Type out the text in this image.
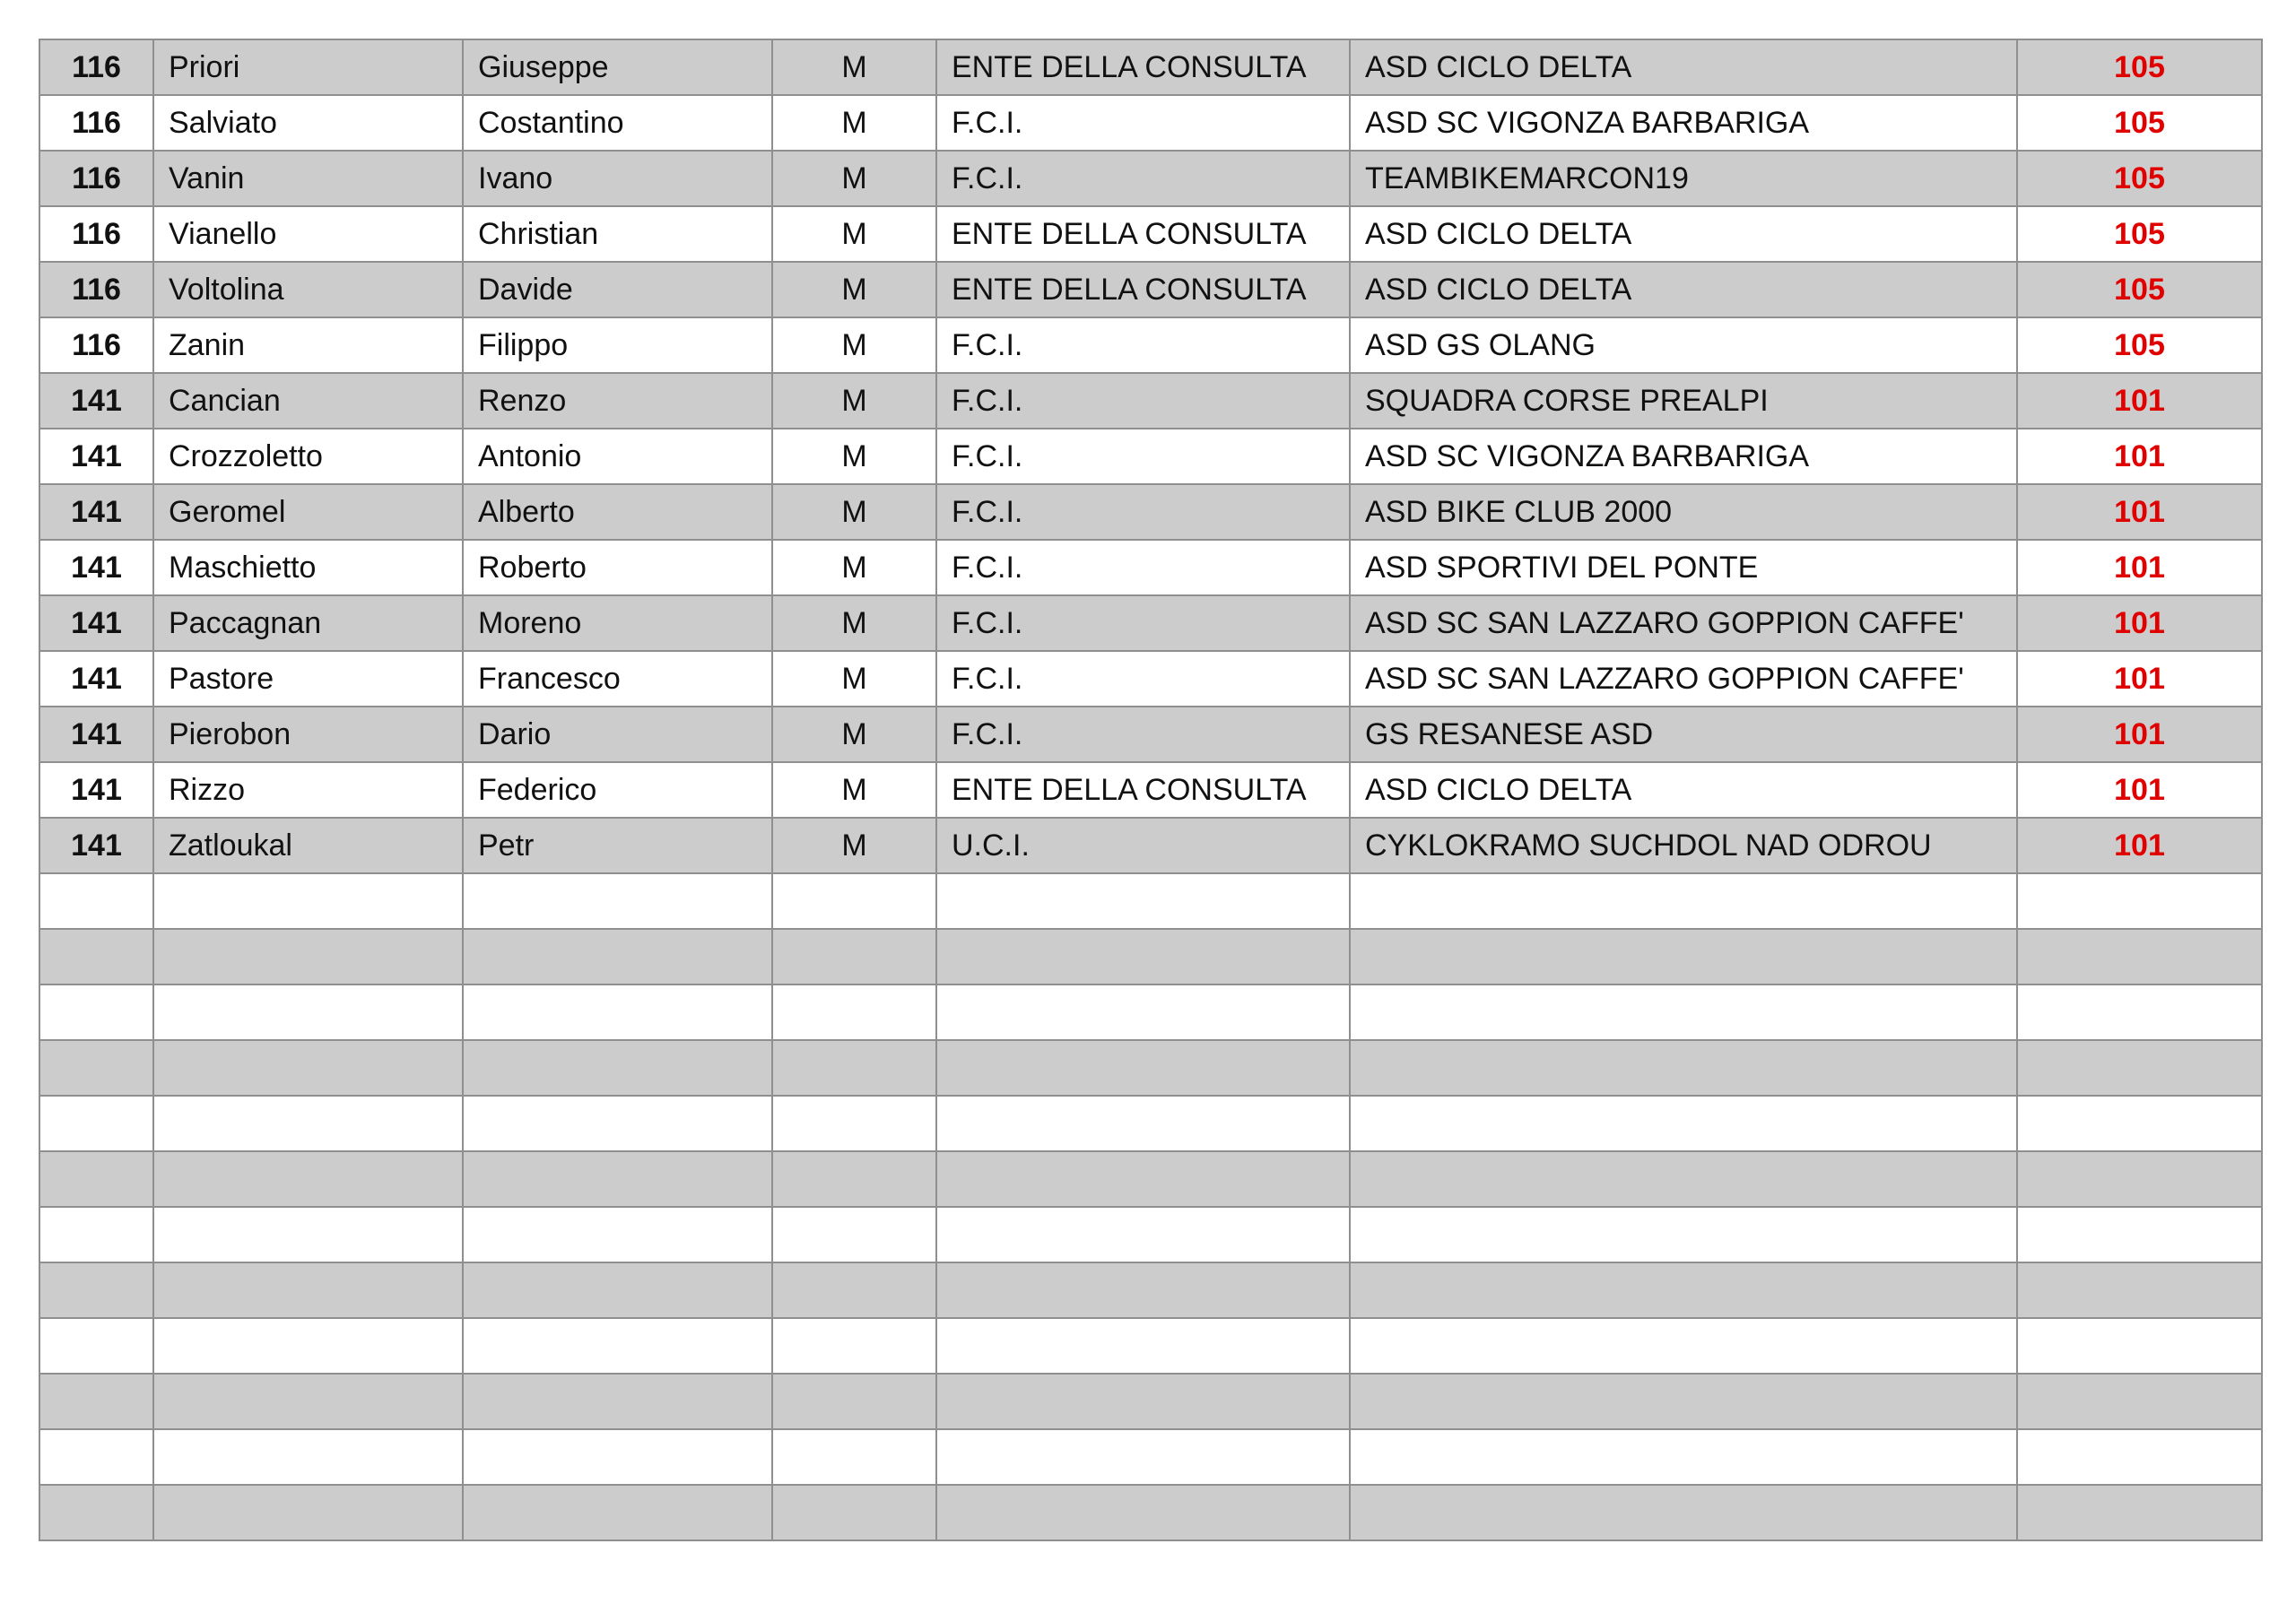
116	Priori	Giuseppe	M	ENTE DELLA CONSULTA	ASD CICLO DELTA	105
116	Salviato	Costantino	M	F.C.I.	ASD SC VIGONZA BARBARIGA	105
116	Vanin	Ivano	M	F.C.I.	TEAMBIKEMARCON19	105
116	Vianello	Christian	M	ENTE DELLA CONSULTA	ASD CICLO DELTA	105
116	Voltolina	Davide	M	ENTE DELLA CONSULTA	ASD CICLO DELTA	105
116	Zanin	Filippo	M	F.C.I.	ASD GS OLANG	105
141	Cancian	Renzo	M	F.C.I.	SQUADRA CORSE PREALPI	101
141	Crozzoletto	Antonio	M	F.C.I.	ASD SC VIGONZA BARBARIGA	101
141	Geromel	Alberto	M	F.C.I.	ASD BIKE CLUB 2000	101
141	Maschietto	Roberto	M	F.C.I.	ASD SPORTIVI DEL PONTE	101
141	Paccagnan	Moreno	M	F.C.I.	ASD SC SAN LAZZARO GOPPION CAFFE'	101
141	Pastore	Francesco	M	F.C.I.	ASD SC SAN LAZZARO GOPPION CAFFE'	101
141	Pierobon	Dario	M	F.C.I.	GS RESANESE ASD	101
141	Rizzo	Federico	M	ENTE DELLA CONSULTA	ASD CICLO DELTA	101
141	Zatloukal	Petr	M	U.C.I.	CYKLOKRAMO SUCHDOL NAD ODROU	101
